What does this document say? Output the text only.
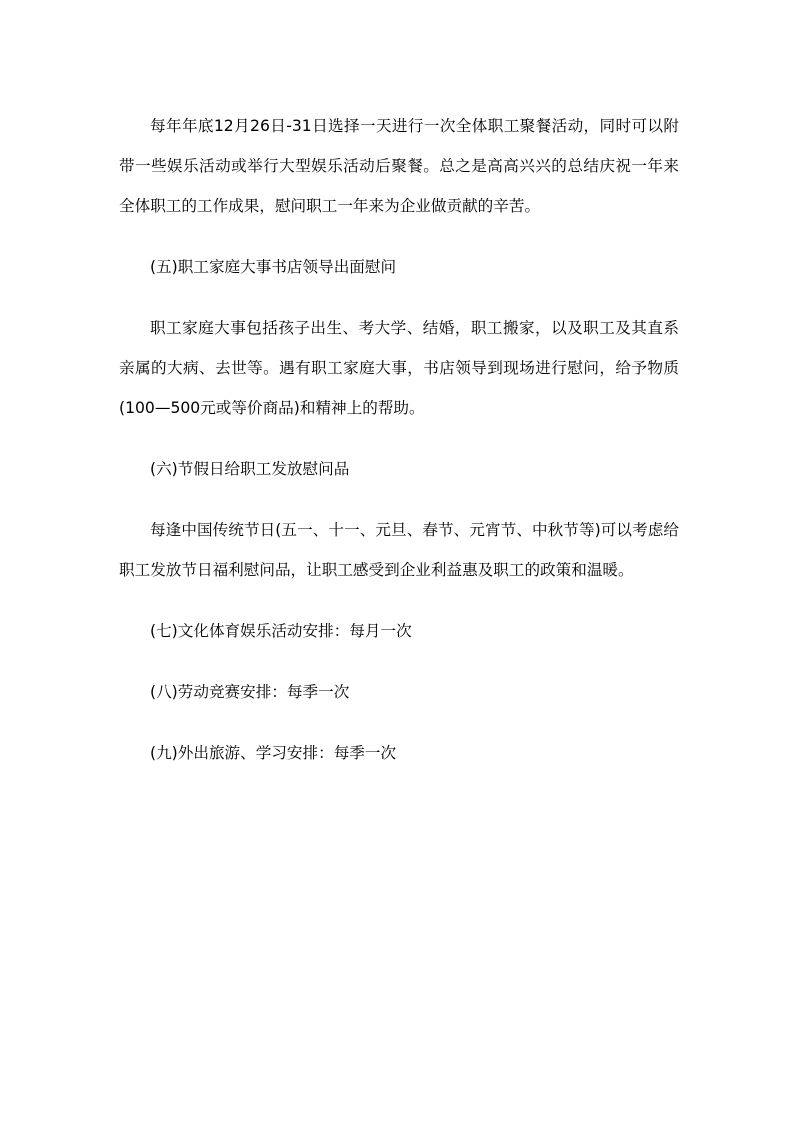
每年年底12月26日-31日选择一天进行一次全体职工聚餐活动，同时可以附带一些娱乐活动或举行大型娱乐活动后聚餐。总之是高高兴兴的总结庆祝一年来全体职工的工作成果，慰问职工一年来为企业做贡献的辛苦。

(五)职工家庭大事书店领导出面慰问

职工家庭大事包括孩子出生、考大学、结婚，职工搬家，以及职工及其直系亲属的大病、去世等。遇有职工家庭大事，书店领导到现场进行慰问，给予物质(100—500元或等价商品)和精神上的帮助。

(六)节假日给职工发放慰问品

每逢中国传统节日(五一、十一、元旦、春节、元宵节、中秋节等)可以考虑给职工发放节日福利慰问品，让职工感受到企业利益惠及职工的政策和温暖。

(七)文化体育娱乐活动安排：每月一次

(八)劳动竞赛安排：每季一次

(九)外出旅游、学习安排：每季一次
